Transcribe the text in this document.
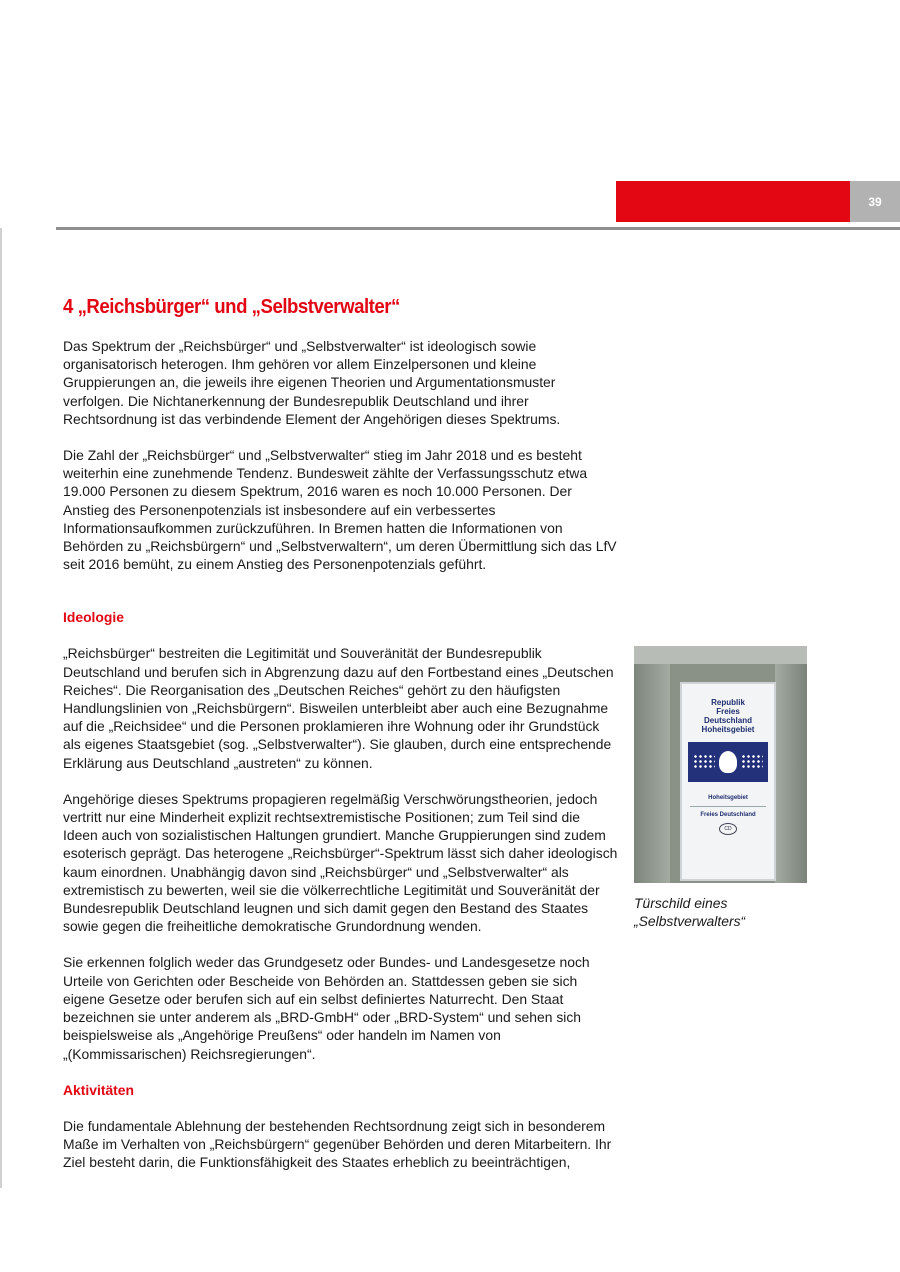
39
4 „Reichsbürger“ und „Selbstverwalter“

Das Spektrum der „Reichsbürger“ und „Selbstverwalter“ ist ideologisch sowie organisatorisch heterogen. Ihm gehören vor allem Einzelpersonen und kleine Gruppierungen an, die jeweils ihre eigenen Theorien und Argumentationsmuster verfolgen. Die Nichtanerkennung der Bundesrepublik Deutschland und ihrer Rechtsordnung ist das verbindende Element der Angehörigen dieses Spektrums.

Die Zahl der „Reichsbürger“ und „Selbstverwalter“ stieg im Jahr 2018 und es besteht weiterhin eine zunehmende Tendenz. Bundesweit zählte der Verfassungsschutz etwa 19.000 Personen zu diesem Spektrum, 2016 waren es noch 10.000 Personen. Der Anstieg des Personenpotenzials ist insbesondere auf ein verbessertes Informationsaufkommen zurückzuführen. In Bremen hatten die Informationen von Behörden zu „Reichsbürgern“ und „Selbstverwaltern“, um deren Übermittlung sich das LfV seit 2016 bemüht, zu einem Anstieg des Personenpotenzials geführt.

Ideologie

„Reichsbürger“ bestreiten die Legitimität und Souveränität der Bundesrepublik Deutschland und berufen sich in Abgrenzung dazu auf den Fortbestand eines „Deutschen Reiches“. Die Reorganisation des „Deutschen Reiches“ gehört zu den häufigsten Handlungslinien von „Reichsbürgern“. Bisweilen unterbleibt aber auch eine Bezugnahme auf die „Reichsidee“ und die Personen proklamieren ihre Wohnung oder ihr Grundstück als eigenes Staatsgebiet (sog. „Selbstverwalter“). Sie glauben, durch eine entsprechende Erklärung aus Deutschland „austreten“ zu können.

Angehörige dieses Spektrums propagieren regelmäßig Verschwörungstheorien, jedoch vertritt nur eine Minderheit explizit rechtsextremistische Positionen; zum Teil sind die Ideen auch von sozialistischen Haltungen grundiert. Manche Gruppierungen sind zudem esoterisch geprägt. Das heterogene „Reichsbürger“-Spektrum lässt sich daher ideologisch kaum einordnen. Unabhängig davon sind „Reichsbürger“ und „Selbstverwalter“ als extremistisch zu bewerten, weil sie die völkerrechtliche Legitimität und Souveränität der Bundesrepublik Deutschland leugnen und sich damit gegen den Bestand des Staates sowie gegen die freiheitliche demokratische Grundordnung wenden.

Sie erkennen folglich weder das Grundgesetz oder Bundes- und Landesgesetze noch Urteile von Gerichten oder Bescheide von Behörden an. Stattdessen geben sie sich eigene Gesetze oder berufen sich auf ein selbst definiertes Naturrecht. Den Staat bezeichnen sie unter anderem als „BRD-GmbH“ oder „BRD-System“ und sehen sich beispielsweise als „Angehörige Preußens“ oder handeln im Namen von „(Kommissarischen) Reichsregierungen“.

Aktivitäten

Die fundamentale Ablehnung der bestehenden Rechtsordnung zeigt sich in besonderem Maße im Verhalten von „Reichsbürgern“ gegenüber Behörden und deren Mitarbeitern. Ihr Ziel besteht darin, die Funktionsfähigkeit des Staates erheblich zu beeinträchtigen,

Republik
Freies
Deutschland
Hoheitsgebiet
Hoheitsgebiet
Freies Deutschland
CD
Türschild eines „Selbstverwalters“
